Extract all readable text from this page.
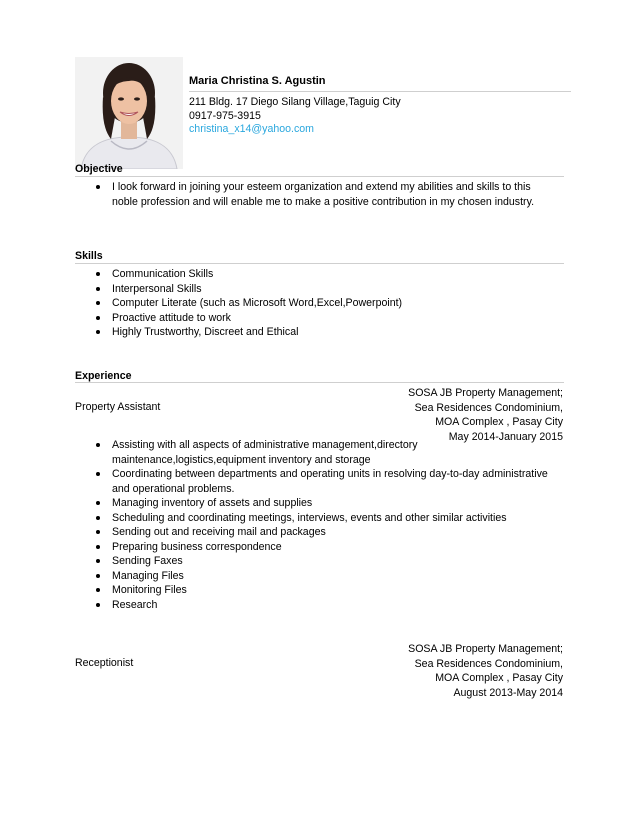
Maria Christina S. Agustin
211 Bldg. 17 Diego Silang Village,Taguig City
0917-975-3915
christina_x14@yahoo.com
Objective
I look forward in joining your esteem organization and extend my abilities and skills to this noble profession and will enable me to make a positive contribution in my chosen industry.
Skills
Communication Skills
Interpersonal Skills
Computer Literate (such as Microsoft Word,Excel,Powerpoint)
Proactive attitude to work
Highly Trustworthy, Discreet and Ethical
Experience
SOSA JB Property Management;
Sea Residences Condominium,
MOA Complex , Pasay City
May 2014-January 2015
Property Assistant
Assisting with all aspects of administrative management,directory maintenance,logistics,equipment inventory and storage
Coordinating between departments and operating units in resolving day-to-day administrative and operational problems.
Managing inventory of assets and supplies
Scheduling and coordinating meetings, interviews, events and other similar activities
Sending out and receiving mail and packages
Preparing business correspondence
Sending Faxes
Managing Files
Monitoring Files
Research
SOSA JB Property Management;
Sea Residences Condominium,
MOA Complex , Pasay City
August 2013-May 2014
Receptionist
